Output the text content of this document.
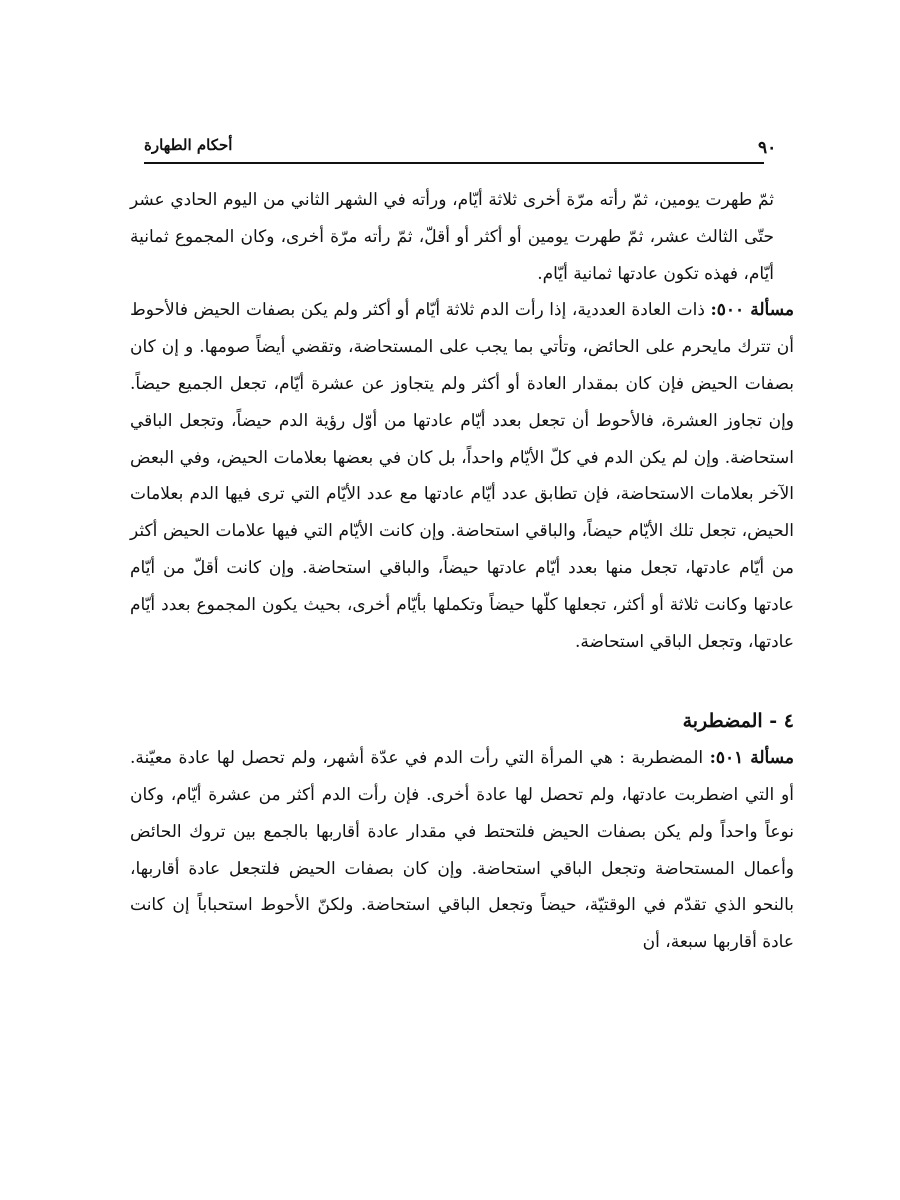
٩٠
أحكام الطهارة

ثمّ طهرت يومين، ثمّ رأته مرّة أخرى ثلاثة أيّام، ورأته في الشهر الثاني من اليوم الحادي عشر حتّى الثالث عشر، ثمّ طهرت يومين أو أكثر أو أقلّ، ثمّ رأته مرّة أخرى، وكان المجموع ثمانية أيّام، فهذه تكون عادتها ثمانية أيّام.

مسألة ٥٠٠: ذات العادة العددية، إذا رأت الدم ثلاثة أيّام أو أكثر ولم يكن بصفات الحيض فالأحوط أن تترك مايحرم على الحائض، وتأتي بما يجب على المستحاضة، وتقضي أيضاً صومها. و إن كان بصفات الحيض فإن كان بمقدار العادة أو أكثر ولم يتجاوز عن عشرة أيّام، تجعل الجميع حيضاً. وإن تجاوز العشرة، فالأحوط أن تجعل بعدد أيّام عادتها من أوّل رؤية الدم حيضاً، وتجعل الباقي استحاضة. وإن لم يكن الدم في كلّ الأيّام واحداً، بل كان في بعضها بعلامات الحيض، وفي البعض الآخر بعلامات الاستحاضة، فإن تطابق عدد أيّام عادتها مع عدد الأيّام التي ترى فيها الدم بعلامات الحيض، تجعل تلك الأيّام حيضاً، والباقي استحاضة. وإن كانت الأيّام التي فيها علامات الحيض أكثر من أيّام عادتها، تجعل منها بعدد أيّام عادتها حيضاً، والباقي استحاضة. وإن كانت أقلّ من أيّام عادتها وكانت ثلاثة أو أكثر، تجعلها كلّها حيضاً وتكملها بأيّام أخرى، بحيث يكون المجموع بعدد أيّام عادتها، وتجعل الباقي استحاضة.

٤ - المضطربة

مسألة ٥٠١: المضطربة : هي المرأة التي رأت الدم في عدّة أشهر، ولم تحصل لها عادة معيّنة. أو التي اضطربت عادتها، ولم تحصل لها عادة أخرى. فإن رأت الدم أكثر من عشرة أيّام، وكان نوعاً واحداً ولم يكن بصفات الحيض فلتحتط في مقدار عادة أقاربها بالجمع بين تروك الحائض وأعمال المستحاضة وتجعل الباقي استحاضة. وإن كان بصفات الحيض فلتجعل عادة أقاربها، بالنحو الذي تقدّم في الوقتيّة، حيضاً وتجعل الباقي استحاضة. ولكنّ الأحوط استحباباً إن كانت عادة أقاربها سبعة، أن
